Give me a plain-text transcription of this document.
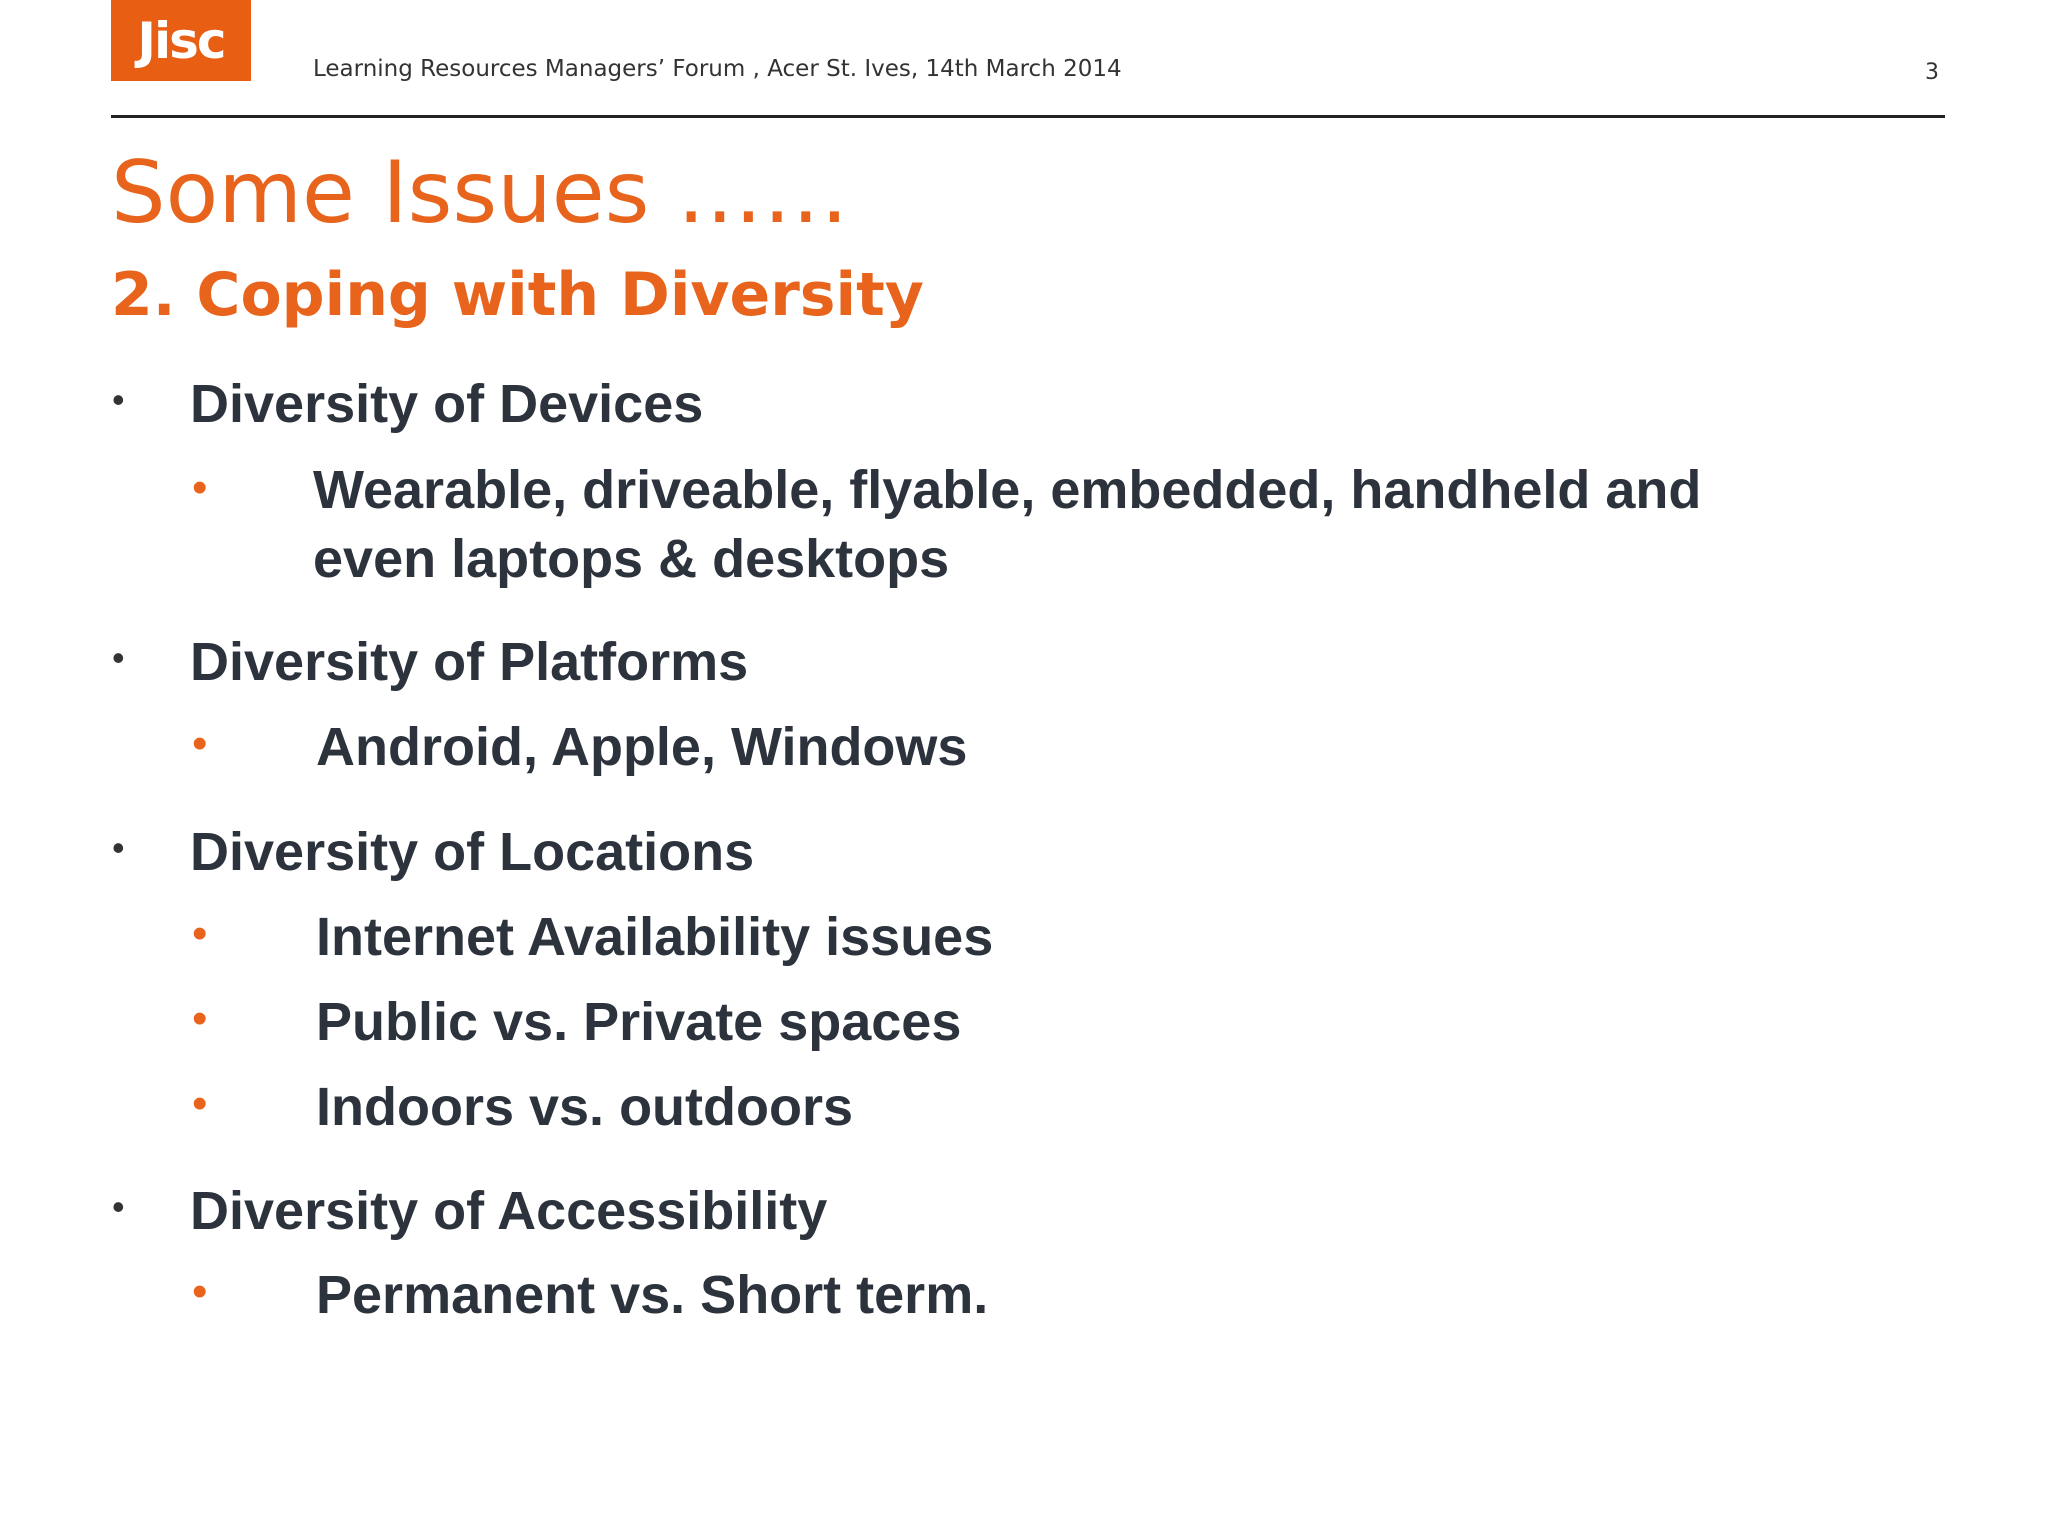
Jisc	Learning Resources Managers’ Forum , Acer St. Ives, 14th March 2014	3
Some Issues ……
2. Coping with Diversity
• Diversity of Devices
• Wearable, driveable, flyable, embedded, handheld and
even laptops & desktops
• Diversity of Platforms
• Android, Apple, Windows
• Diversity of Locations
• Internet Availability issues
• Public vs. Private spaces
• Indoors vs. outdoors
• Diversity of Accessibility
• Permanent vs. Short term.
